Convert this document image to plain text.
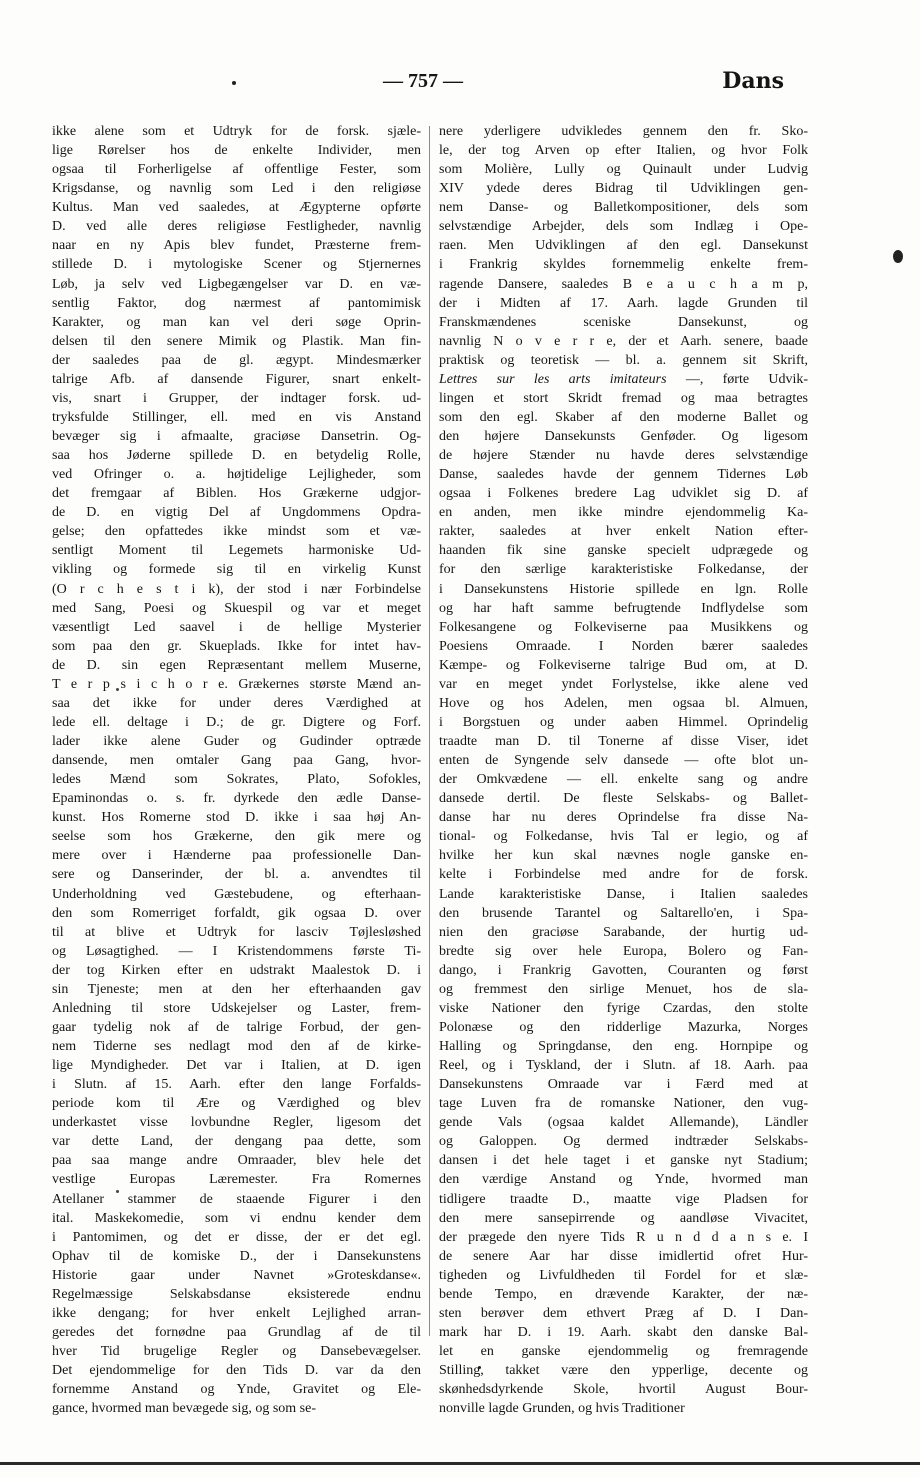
— 757 —	Dans
ikke alene som et Udtryk for de forsk. sjæle-
lige Rørelser hos de enkelte Individer, men
ogsaa til Forherligelse af offentlige Fester, som
Krigsdanse, og navnlig som Led i den religiøse
Kultus. Man ved saaledes, at Ægypterne opførte
D. ved alle deres religiøse Festligheder, navnlig
naar en ny Apis blev fundet, Præsterne frem-
stillede D. i mytologiske Scener og Stjernernes
Løb, ja selv ved Ligbegængelser var D. en væ-
sentlig Faktor, dog nærmest af pantomimisk
Karakter, og man kan vel deri søge Oprin-
delsen til den senere Mimik og Plastik. Man fin-
der saaledes paa de gl. ægypt. Mindesmærker
talrige Afb. af dansende Figurer, snart enkelt-
vis, snart i Grupper, der indtager forsk. ud-
tryksfulde Stillinger, ell. med en vis Anstand
bevæger sig i afmaalte, graciøse Dansetrin. Og-
saa hos Jøderne spillede D. en betydelig Rolle,
ved Ofringer o. a. højtidelige Lejligheder, som
det fremgaar af Biblen. Hos Grækerne udgjor-
de D. en vigtig Del af Ungdommens Opdra-
gelse; den opfattedes ikke mindst som et væ-
sentligt Moment til Legemets harmoniske Ud-
vikling og formede sig til en virkelig Kunst
(O r c h e s t i k), der stod i nær Forbindelse
med Sang, Poesi og Skuespil og var et meget
væsentligt Led saavel i de hellige Mysterier
som paa den gr. Skueplads. Ikke for intet hav-
de D. sin egen Repræsentant mellem Muserne,
T e r p s i c h o r e. Grækernes største Mænd an-
saa det ikke for under deres Værdighed at
lede ell. deltage i D.; de gr. Digtere og Forf.
lader ikke alene Guder og Gudinder optræde
dansende, men omtaler Gang paa Gang, hvor-
ledes Mænd som Sokrates, Plato, Sofokles,
Epaminondas o. s. fr. dyrkede den ædle Danse-
kunst. Hos Romerne stod D. ikke i saa høj An-
seelse som hos Grækerne, den gik mere og
mere over i Hænderne paa professionelle Dan-
sere og Danserinder, der bl. a. anvendtes til
Underholdning ved Gæstebudene, og efterhaan-
den som Romerriget forfaldt, gik ogsaa D. over
til at blive et Udtryk for lasciv Tøjlesløshed
og Løsagtighed. — I Kristendommens første Ti-
der tog Kirken efter en udstrakt Maalestok D. i
sin Tjeneste; men at den her efterhaanden gav
Anledning til store Udskejelser og Laster, frem-
gaar tydelig nok af de talrige Forbud, der gen-
nem Tiderne ses nedlagt mod den af de kirke-
lige Myndigheder. Det var i Italien, at D. igen
i Slutn. af 15. Aarh. efter den lange Forfalds-
periode kom til Ære og Værdighed og blev
underkastet visse lovbundne Regler, ligesom det
var dette Land, der dengang paa dette, som
paa saa mange andre Omraader, blev hele det
vestlige Europas Læremester. Fra Romernes
Atellaner stammer de staaende Figurer i den
ital. Maskekomedie, som vi endnu kender dem
i Pantomimen, og det er disse, der er det egl.
Ophav til de komiske D., der i Dansekunstens
Historie gaar under Navnet »Groteskdanse«.
Regelmæssige Selskabsdanse eksisterede endnu
ikke dengang; for hver enkelt Lejlighed arran-
geredes det fornødne paa Grundlag af de til
hver Tid brugelige Regler og Dansebevægelser.
Det ejendommelige for den Tids D. var da den
fornemme Anstand og Ynde, Gravitet og Ele-
gance, hvormed man bevægede sig, og som se-
nere yderligere udvikledes gennem den fr. Sko-
le, der tog Arven op efter Italien, og hvor Folk
som Molière, Lully og Quinault under Ludvig
XIV ydede deres Bidrag til Udviklingen gen-
nem Danse- og Balletkompositioner, dels som
selvstændige Arbejder, dels som Indlæg i Ope-
raen. Men Udviklingen af den egl. Dansekunst
i Frankrig skyldes fornemmelig enkelte frem-
ragende Dansere, saaledes B e a u c h a m p,
der i Midten af 17. Aarh. lagde Grunden til
Franskmændenes sceniske Dansekunst, og
navnlig N o v e r r e, der et Aarh. senere, baade
praktisk og teoretisk — bl. a. gennem sit Skrift,
Lettres sur les arts imitateurs —, førte Udvik-
lingen et stort Skridt fremad og maa betragtes
som den egl. Skaber af den moderne Ballet og
den højere Dansekunsts Genføder. Og ligesom
de højere Stænder nu havde deres selvstændige
Danse, saaledes havde der gennem Tidernes Løb
ogsaa i Folkenes bredere Lag udviklet sig D. af
en anden, men ikke mindre ejendommelig Ka-
rakter, saaledes at hver enkelt Nation efter-
haanden fik sine ganske specielt udprægede og
for den særlige karakteristiske Folkedanse, der
i Dansekunstens Historie spillede en lgn. Rolle
og har haft samme befrugtende Indflydelse som
Folkesangene og Folkeviserne paa Musikkens og
Poesiens Omraade. I Norden bærer saaledes
Kæmpe- og Folkeviserne talrige Bud om, at D.
var en meget yndet Forlystelse, ikke alene ved
Hove og hos Adelen, men ogsaa bl. Almuen,
i Borgstuen og under aaben Himmel. Oprindelig
traadte man D. til Tonerne af disse Viser, idet
enten de Syngende selv dansede — ofte blot un-
der Omkvædene — ell. enkelte sang og andre
dansede dertil. De fleste Selskabs- og Ballet-
danse har nu deres Oprindelse fra disse Na-
tional- og Folkedanse, hvis Tal er legio, og af
hvilke her kun skal nævnes nogle ganske en-
kelte i Forbindelse med andre for de forsk.
Lande karakteristiske Danse, i Italien saaledes
den brusende Tarantel og Saltarello'en, i Spa-
nien den graciøse Sarabande, der hurtig ud-
bredte sig over hele Europa, Bolero og Fan-
dango, i Frankrig Gavotten, Couranten og først
og fremmest den sirlige Menuet, hos de sla-
viske Nationer den fyrige Czardas, den stolte
Polonæse og den ridderlige Mazurka, Norges
Halling og Springdanse, den eng. Hornpipe og
Reel, og i Tyskland, der i Slutn. af 18. Aarh. paa
Dansekunstens Omraade var i Færd med at
tage Luven fra de romanske Nationer, den vug-
gende Vals (ogsaa kaldet Allemande), Ländler
og Galoppen. Og dermed indtræder Selskabs-
dansen i det hele taget i et ganske nyt Stadium;
den værdige Anstand og Ynde, hvormed man
tidligere traadte D., maatte vige Pladsen for
den mere sansepirrende og aandløse Vivacitet,
der prægede den nyere Tids R u n d d a n s e. I
de senere Aar har disse imidlertid ofret Hur-
tigheden og Livfuldheden til Fordel for et slæ-
bende Tempo, en drævende Karakter, der næ-
sten berøver dem ethvert Præg af D. I Dan-
mark har D. i 19. Aarh. skabt den danske Bal-
let en ganske ejendommelig og fremragende
Stilling, takket være den ypperlige, decente og
skønhedsdyrkende Skole, hvortil August Bour-
nonville lagde Grunden, og hvis Traditioner
